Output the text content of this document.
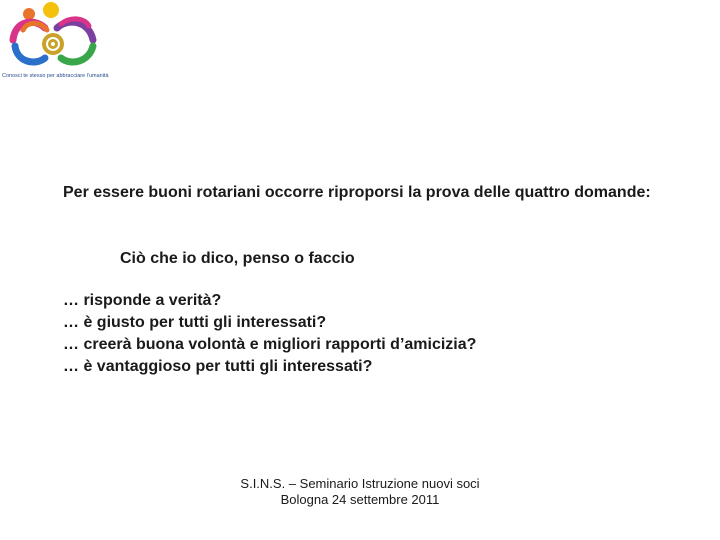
Conosci te stesso per abbracciare l'umanità

Per essere buoni rotariani occorre riproporsi la prova delle quattro domande:

Ciò che io dico, penso o faccio

… risponde a verità?
… è giusto per tutti gli interessati?
… creerà buona volontà e migliori rapporti d’amicizia?
… è vantaggioso per tutti gli interessati?
S.I.N.S. – Seminario Istruzione nuovi soci
Bologna 24 settembre 2011
